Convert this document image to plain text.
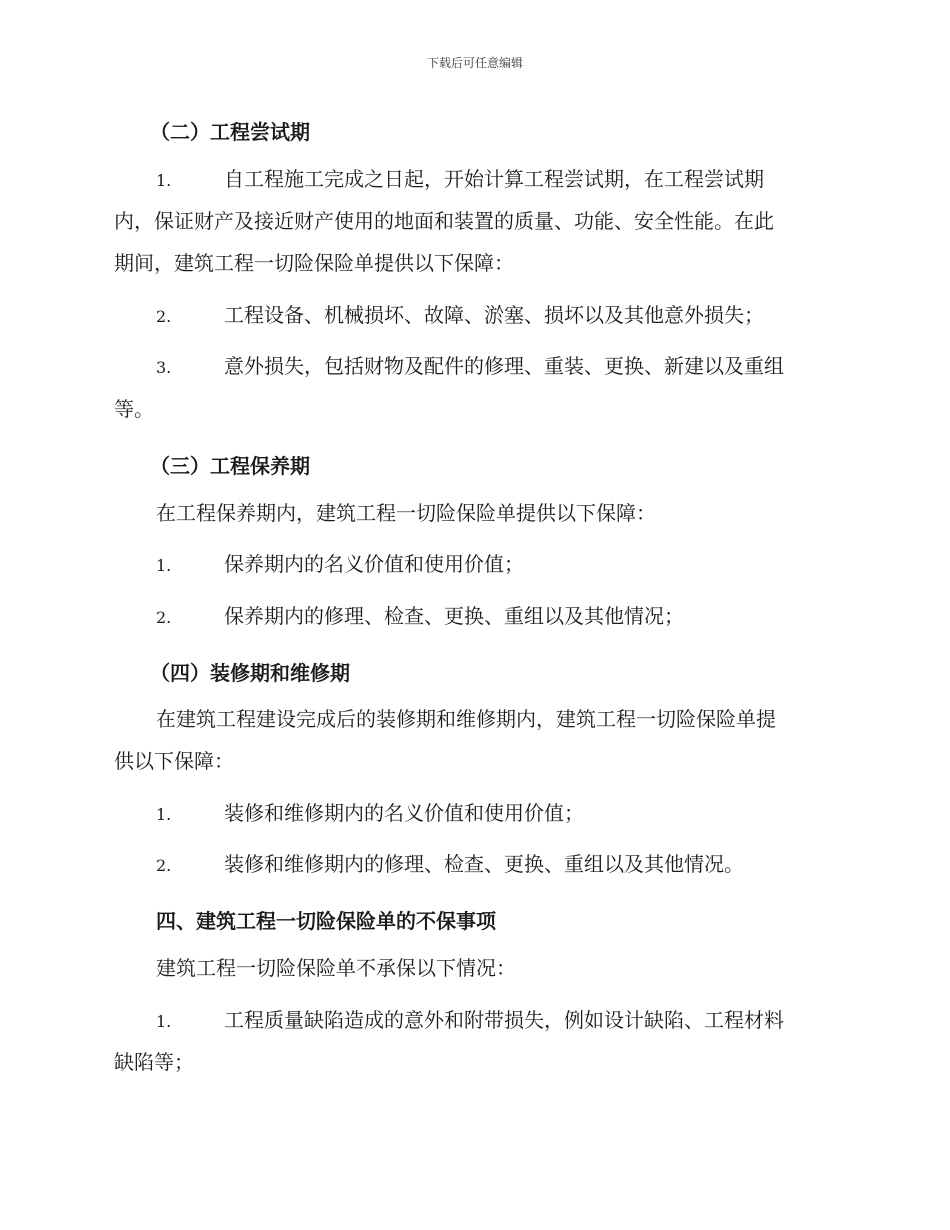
下载后可任意编辑
（二）工程尝试期
1.	自工程施工完成之日起，开始计算工程尝试期，在工程尝试期
内，保证财产及接近财产使用的地面和装置的质量、功能、安全性能。在此
期间，建筑工程一切险保险单提供以下保障：
2.	工程设备、机械损坏、故障、淤塞、损坏以及其他意外损失；
3.	意外损失，包括财物及配件的修理、重装、更换、新建以及重组
等。
（三）工程保养期
在工程保养期内，建筑工程一切险保险单提供以下保障：
1.	保养期内的名义价值和使用价值；
2.	保养期内的修理、检查、更换、重组以及其他情况；
（四）装修期和维修期
在建筑工程建设完成后的装修期和维修期内，建筑工程一切险保险单提
供以下保障：
1.	装修和维修期内的名义价值和使用价值；
2.	装修和维修期内的修理、检查、更换、重组以及其他情况。
四、建筑工程一切险保险单的不保事项
建筑工程一切险保险单不承保以下情况：
1.	工程质量缺陷造成的意外和附带损失，例如设计缺陷、工程材料
缺陷等；
